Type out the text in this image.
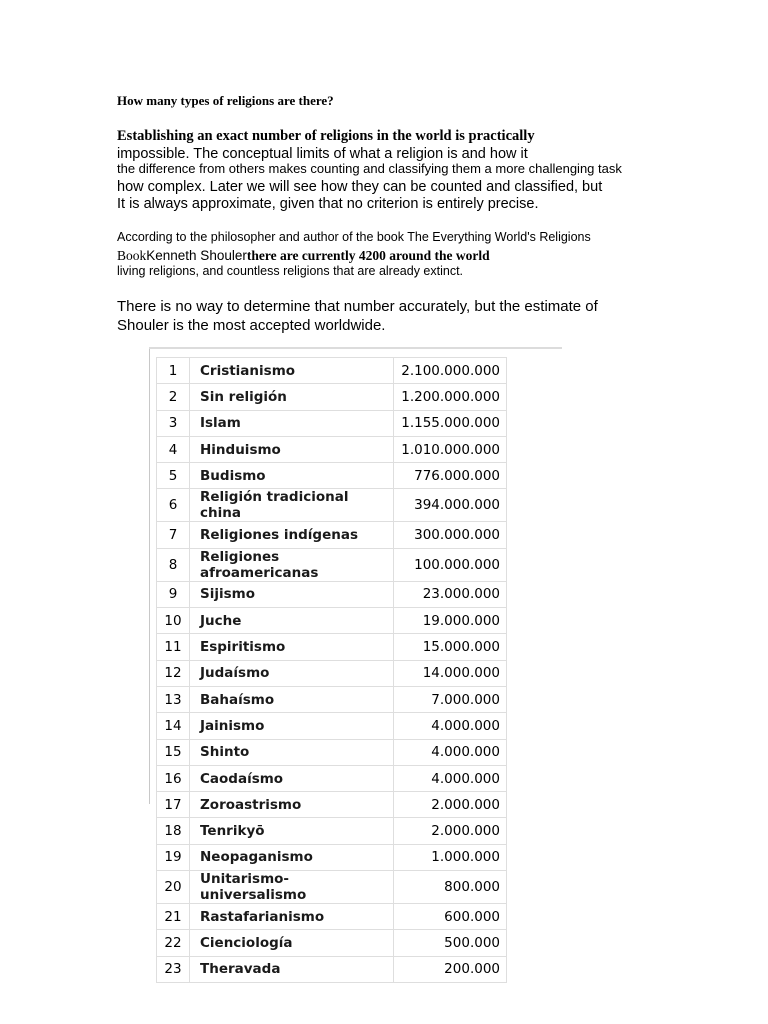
How many types of religions are there?
Establishing an exact number of religions in the world is practically
impossible. The conceptual limits of what a religion is and how it
the difference from others makes counting and classifying them a more challenging task
how complex. Later we will see how they can be counted and classified, but
It is always approximate, given that no criterion is entirely precise.
According to the philosopher and author of the book The Everything World's Religions
BookKenneth Shoulerthere are currently 4200 around the world
living religions, and countless religions that are already extinct.
There is no way to determine that number accurately, but the estimate of
Shouler is the most accepted worldwide.
1	Cristianismo	2.100.000.000
2	Sin religión	1.200.000.000
3	Islam	1.155.000.000
4	Hinduismo	1.010.000.000
5	Budismo	776.000.000
6	Religión tradicional china	394.000.000
7	Religiones indígenas	300.000.000
8	Religiones afroamericanas	100.000.000
9	Sijismo	23.000.000
10	Juche	19.000.000
11	Espiritismo	15.000.000
12	Judaísmo	14.000.000
13	Bahaísmo	7.000.000
14	Jainismo	4.000.000
15	Shinto	4.000.000
16	Caodaísmo	4.000.000
17	Zoroastrismo	2.000.000
18	Tenrikyō	2.000.000
19	Neopaganismo	1.000.000
20	Unitarismo-universalismo	800.000
21	Rastafarianismo	600.000
22	Cienciología	500.000
23	Theravada	200.000
